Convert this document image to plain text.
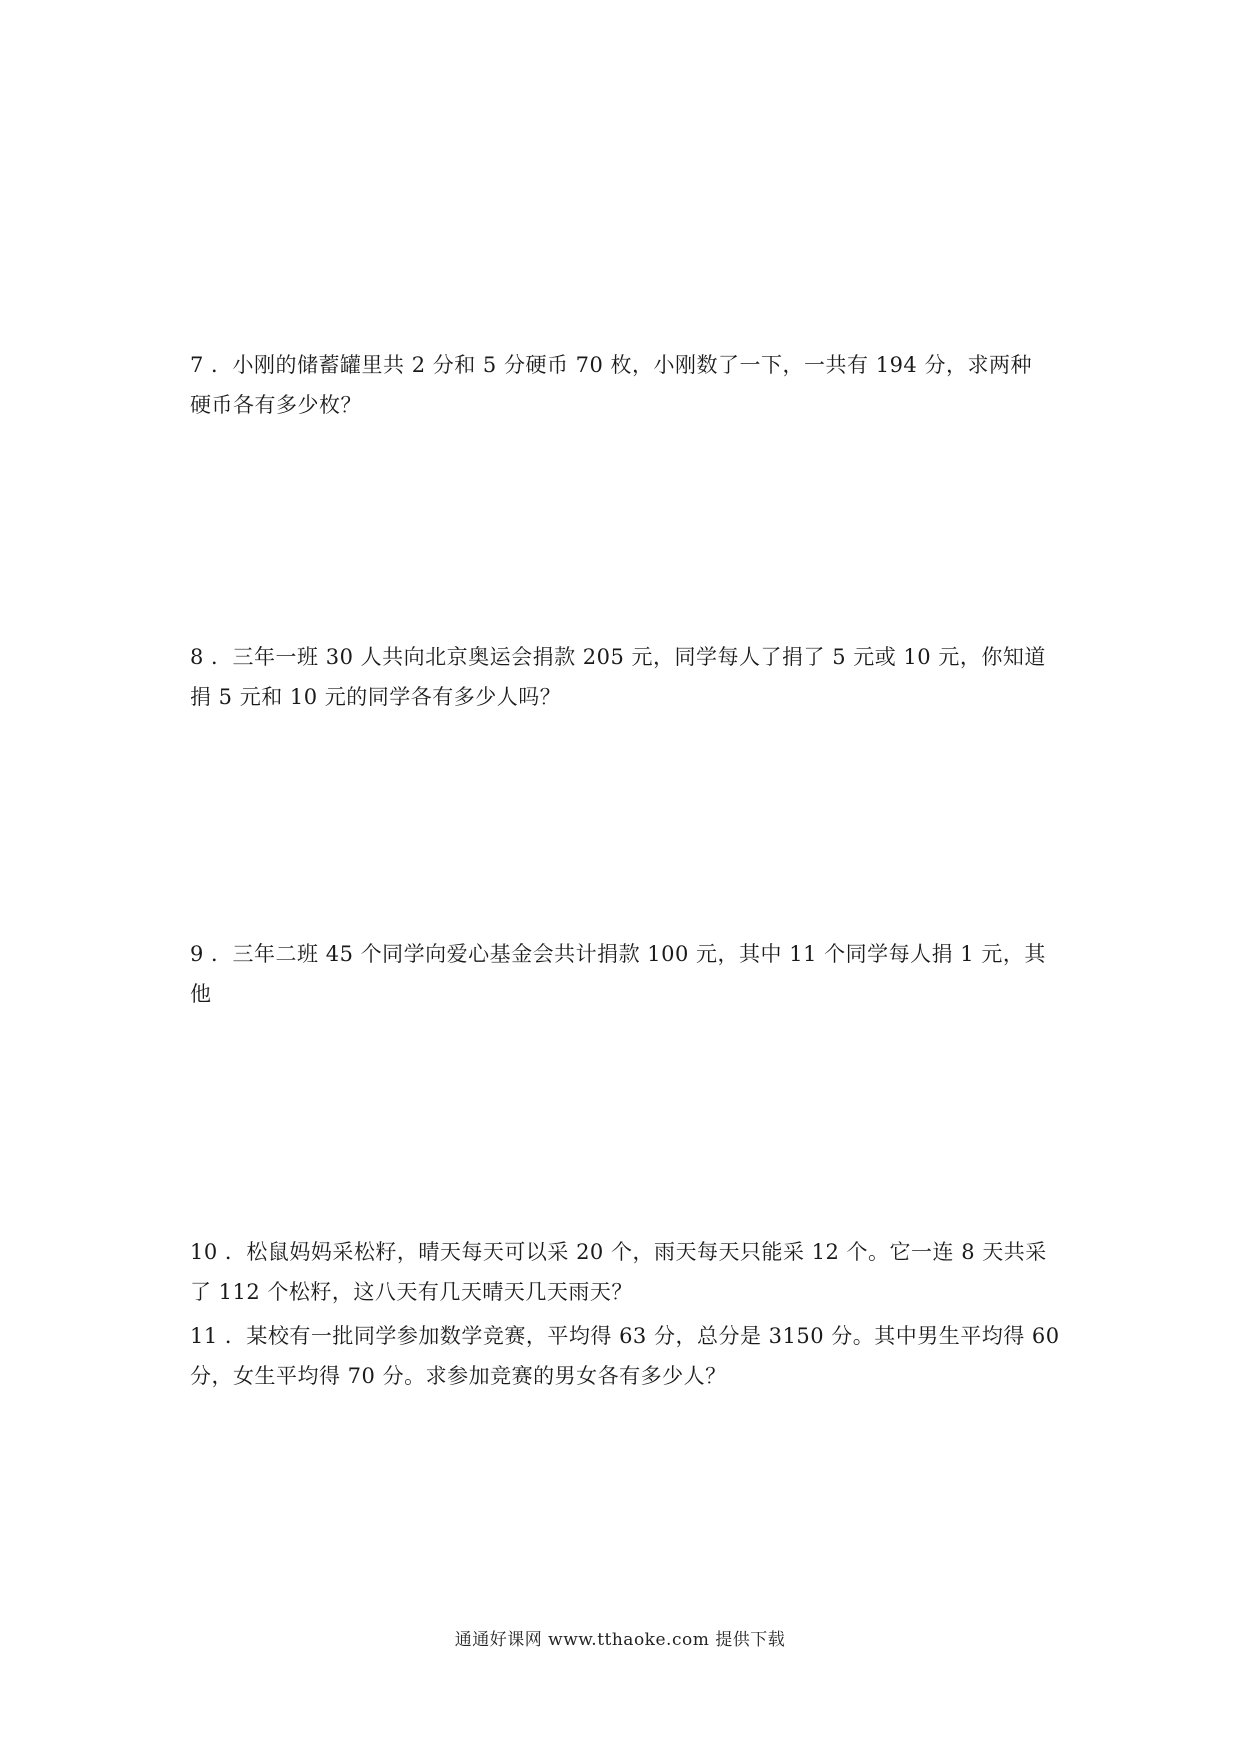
7 ．小刚的储蓄罐里共 2 分和 5 分硬币 70 枚，小刚数了一下，一共有 194 分，求两种
硬币各有多少枚？

8 ．三年一班 30 人共向北京奥运会捐款 205 元，同学每人了捐了 5 元或 10 元，你知道
捐 5 元和 10 元的同学各有多少人吗？

9 ．三年二班 45 个同学向爱心基金会共计捐款 100 元，其中 11 个同学每人捐 1 元，其
他

10 ．松鼠妈妈采松籽，晴天每天可以采 20 个，雨天每天只能采 12 个。它一连 8 天共采
了 112 个松籽，这八天有几天晴天几天雨天？

11 ．某校有一批同学参加数学竞赛，平均得 63 分，总分是 3150 分。其中男生平均得 60
分，女生平均得 70 分。求参加竞赛的男女各有多少人？

通通好课网 www.tthaoke.com 提供下载
